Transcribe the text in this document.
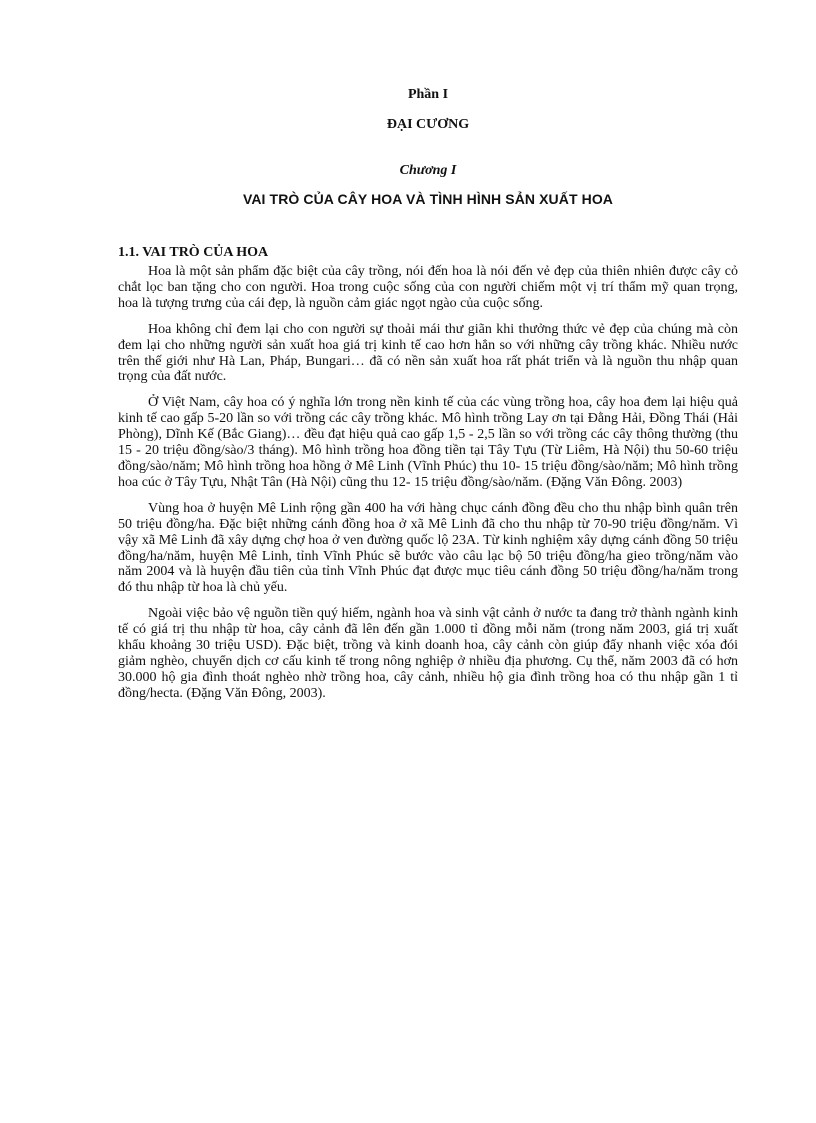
Phần I

ĐẠI CƯƠNG

Chương I

VAI TRÒ CỦA CÂY HOA VÀ TÌNH HÌNH SẢN XUẤT HOA

1.1. VAI TRÒ CỦA HOA

Hoa là một sản phẩm đặc biệt của cây trồng, nói đến hoa là nói đến vẻ đẹp của thiên nhiên được cây cỏ chắt lọc ban tặng cho con người. Hoa trong cuộc sống của con người chiếm một vị trí thẩm mỹ quan trọng, hoa là tượng trưng của cái đẹp, là nguồn cảm giác ngọt ngào của cuộc sống.

Hoa không chỉ đem lại cho con người sự thoải mái thư giãn khi thưởng thức vẻ đẹp của chúng mà còn đem lại cho những người sản xuất hoa giá trị kinh tế cao hơn hẳn so với những cây trồng khác. Nhiều nước trên thế giới như Hà Lan, Pháp, Bungari… đã có nền sản xuất hoa rất phát triển và là nguồn thu nhập quan trọng của đất nước.

Ở Việt Nam, cây hoa có ý nghĩa lớn trong nền kinh tế của các vùng trồng hoa, cây hoa đem lại hiệu quả kinh tế cao gấp 5-20 lần so với trồng các cây trồng khác. Mô hình trồng Lay ơn tại Đằng Hải, Đồng Thái (Hải Phòng), Dĩnh Kế (Bắc Giang)… đều đạt hiệu quả cao gấp 1,5 - 2,5 lần so với trồng các cây thông thường (thu 15 - 20 triệu đồng/sào/3 tháng). Mô hình trồng hoa đồng tiền tại Tây Tựu (Từ Liêm, Hà Nội) thu 50-60 triệu đồng/sào/năm; Mô hình trồng hoa hồng ở Mê Linh (Vĩnh Phúc) thu 10- 15 triệu đồng/sào/năm; Mô hình trồng hoa cúc ở Tây Tựu, Nhật Tân (Hà Nội) cũng thu 12- 15 triệu đồng/sào/năm. (Đặng Văn Đông. 2003)

Vùng hoa ở huyện Mê Linh rộng gần 400 ha với hàng chục cánh đồng đều cho thu nhập bình quân trên 50 triệu đồng/ha. Đặc biệt những cánh đồng hoa ở xã Mê Linh đã cho thu nhập từ 70-90 triệu đồng/năm. Vì vậy xã Mê Linh đã xây dựng chợ hoa ở ven đường quốc lộ 23A. Từ kinh nghiệm xây dựng cánh đồng 50 triệu đồng/ha/năm, huyện Mê Linh, tỉnh Vĩnh Phúc sẽ bước vào câu lạc bộ 50 triệu đồng/ha gieo trồng/năm vào năm 2004 và là huyện đầu tiên của tỉnh Vĩnh Phúc đạt được mục tiêu cánh đồng 50 triệu đồng/ha/năm trong đó thu nhập từ hoa là chủ yếu.

Ngoài việc bảo vệ nguồn tiền quý hiếm, ngành hoa và sinh vật cảnh ở nước ta đang trở thành ngành kinh tế có giá trị thu nhập từ hoa, cây cảnh đã lên đến gần 1.000 tỉ đồng mỗi năm (trong năm 2003, giá trị xuất khẩu khoảng 30 triệu USD). Đặc biệt, trồng và kinh doanh hoa, cây cảnh còn giúp đẩy nhanh việc xóa đói giảm nghèo, chuyển dịch cơ cấu kinh tế trong nông nghiệp ở nhiều địa phương. Cụ thể, năm 2003 đã có hơn 30.000 hộ gia đình thoát nghèo nhờ trồng hoa, cây cảnh, nhiều hộ gia đình trồng hoa có thu nhập gần 1 tỉ đồng/hecta. (Đặng Văn Đông, 2003).
